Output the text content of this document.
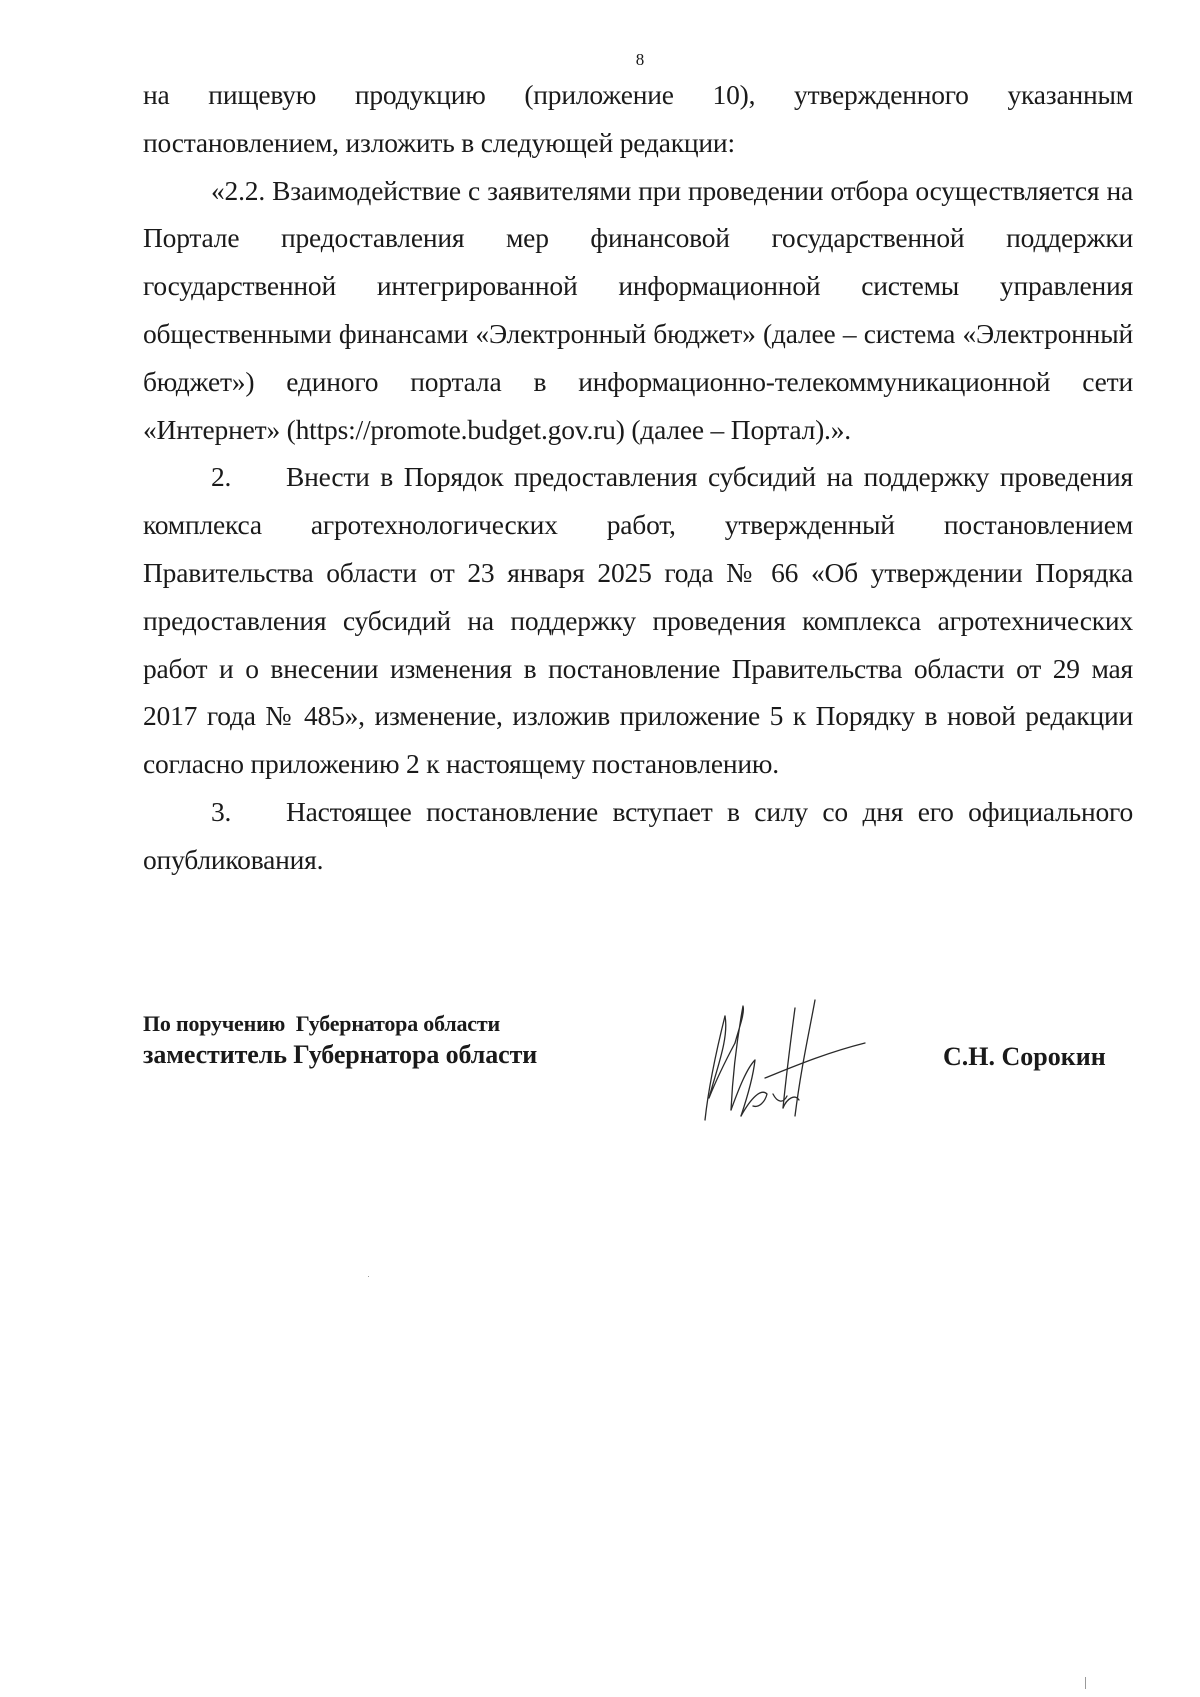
8

на пищевую продукцию (приложение 10), утвержденного указанным постановлением, изложить в следующей редакции:

«2.2. Взаимодействие с заявителями при проведении отбора осуществляется на Портале предоставления мер финансовой государственной поддержки государственной интегрированной информационной системы управления общественными финансами «Электронный бюджет» (далее – система «Электронный бюджет») единого портала в информационно-телекоммуникационной сети «Интернет» (https://promote.budget.gov.ru) (далее – Портал).».

2. Внести в Порядок предоставления субсидий на поддержку проведения комплекса агротехнологических работ, утвержденный постановлением Правительства области от 23 января 2025 года № 66 «Об утверждении Порядка предоставления субсидий на поддержку проведения комплекса агротехнических работ и о внесении изменения в постановление Правительства области от 29 мая 2017 года № 485», изменение, изложив приложение 5 к Порядку в новой редакции согласно приложению 2 к настоящему постановлению.

3. Настоящее постановление вступает в силу со дня его официального опубликования.

По поручению  Губернатора области
заместитель Губернатора области	С.Н. Сорокин
